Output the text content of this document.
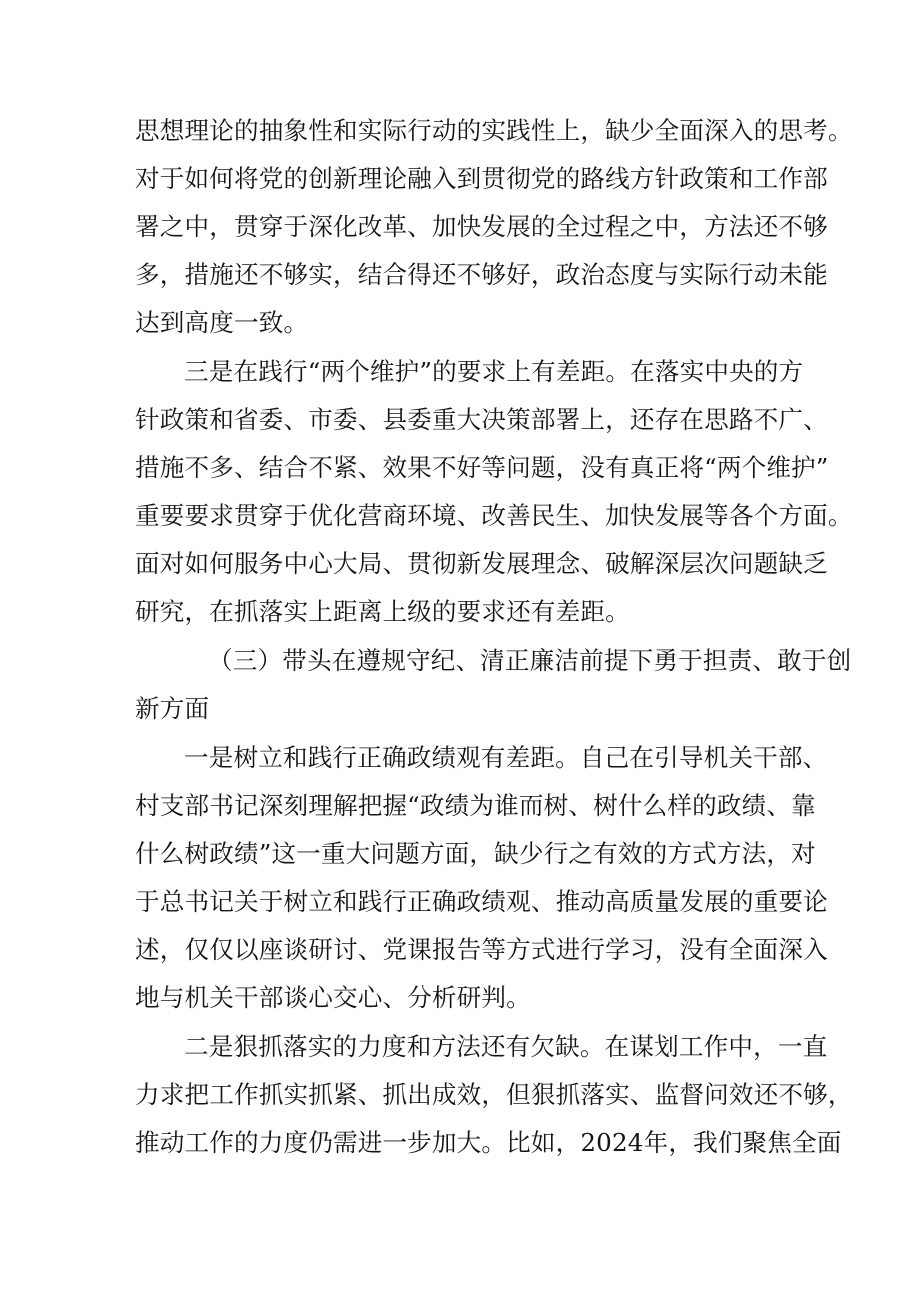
思想理论的抽象性和实际行动的实践性上，缺少全面深入的思考。
对于如何将党的创新理论融入到贯彻党的路线方针政策和工作部
署之中，贯穿于深化改革、加快发展的全过程之中，方法还不够
多，措施还不够实，结合得还不够好，政治态度与实际行动未能
达到高度一致。
三是在践行“两个维护”的要求上有差距。在落实中央的方
针政策和省委、市委、县委重大决策部署上，还存在思路不广、
措施不多、结合不紧、效果不好等问题，没有真正将“两个维护”
重要要求贯穿于优化营商环境、改善民生、加快发展等各个方面。
面对如何服务中心大局、贯彻新发展理念、破解深层次问题缺乏
研究，在抓落实上距离上级的要求还有差距。
（三）带头在遵规守纪、清正廉洁前提下勇于担责、敢于创
新方面
一是树立和践行正确政绩观有差距。自己在引导机关干部、
村支部书记深刻理解把握“政绩为谁而树、树什么样的政绩、靠
什么树政绩”这一重大问题方面，缺少行之有效的方式方法，对
于总书记关于树立和践行正确政绩观、推动高质量发展的重要论
述，仅仅以座谈研讨、党课报告等方式进行学习，没有全面深入
地与机关干部谈心交心、分析研判。
二是狠抓落实的力度和方法还有欠缺。在谋划工作中，一直
力求把工作抓实抓紧、抓出成效，但狠抓落实、监督问效还不够，
推动工作的力度仍需进一步加大。比如，2024年，我们聚焦全面
